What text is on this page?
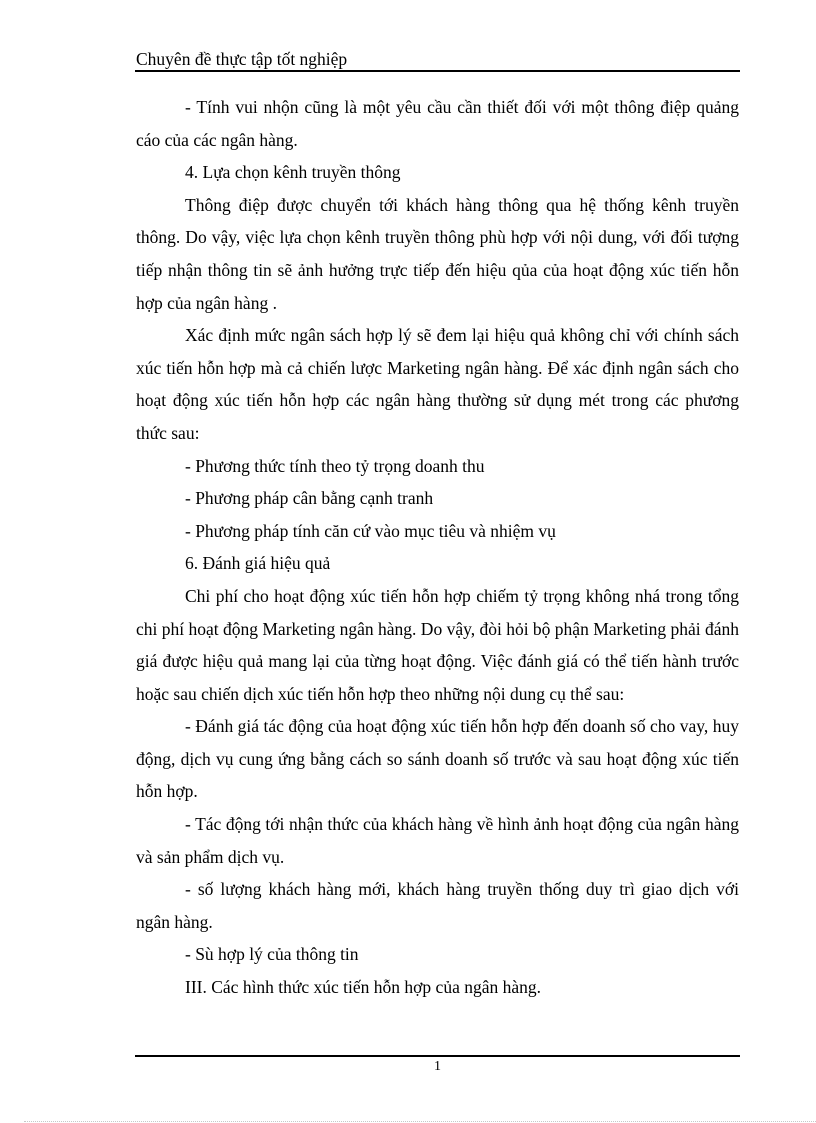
Chuyên đề thực tập tốt nghiệp

- Tính vui nhộn cũng là một yêu cầu cần thiết đối với một thông điệp quảng cáo của các ngân hàng.

4. Lựa chọn kênh truyền thông

Thông điệp được chuyển tới khách hàng thông qua hệ thống kênh truyền thông. Do vậy, việc lựa chọn kênh truyền thông phù hợp với nội dung, với đối tượng tiếp nhận thông tin sẽ ảnh hưởng trực tiếp đến hiệu qủa của hoạt động xúc tiến hỗn hợp của ngân hàng .

Xác định mức ngân sách hợp lý sẽ đem lại hiệu quả không chỉ với chính sách xúc tiến hỗn hợp mà cả chiến lược Marketing ngân hàng. Để xác định ngân sách cho hoạt động xúc tiến hỗn hợp các ngân hàng thường sử dụng mét trong các phương thức sau:

- Phương thức tính theo tỷ trọng doanh thu

- Phương pháp cân bằng cạnh tranh

- Phương pháp tính căn cứ vào mục tiêu và nhiệm vụ

6. Đánh giá hiệu quả

Chi phí cho hoạt động xúc tiến hỗn hợp chiếm tỷ trọng không nhá trong tổng chi phí hoạt động Marketing ngân hàng. Do vậy, đòi hỏi bộ phận Marketing phải đánh giá được hiệu quả mang lại của từng hoạt động. Việc đánh giá có thể tiến hành trước hoặc sau chiến dịch xúc tiến hỗn hợp theo những nội dung cụ thể sau:

- Đánh giá tác động của hoạt động xúc tiến hỗn hợp đến doanh số cho vay, huy động, dịch vụ cung ứng bằng cách so sánh doanh số trước và sau hoạt động xúc tiến hỗn hợp.

- Tác động tới nhận thức của khách hàng về hình ảnh hoạt động của ngân hàng và sản phẩm dịch vụ.

- số lượng khách hàng mới, khách hàng truyền thống duy trì giao dịch với ngân hàng.

- Sù hợp lý của thông tin

III. Các hình thức xúc tiến hỗn hợp của ngân hàng.

1
